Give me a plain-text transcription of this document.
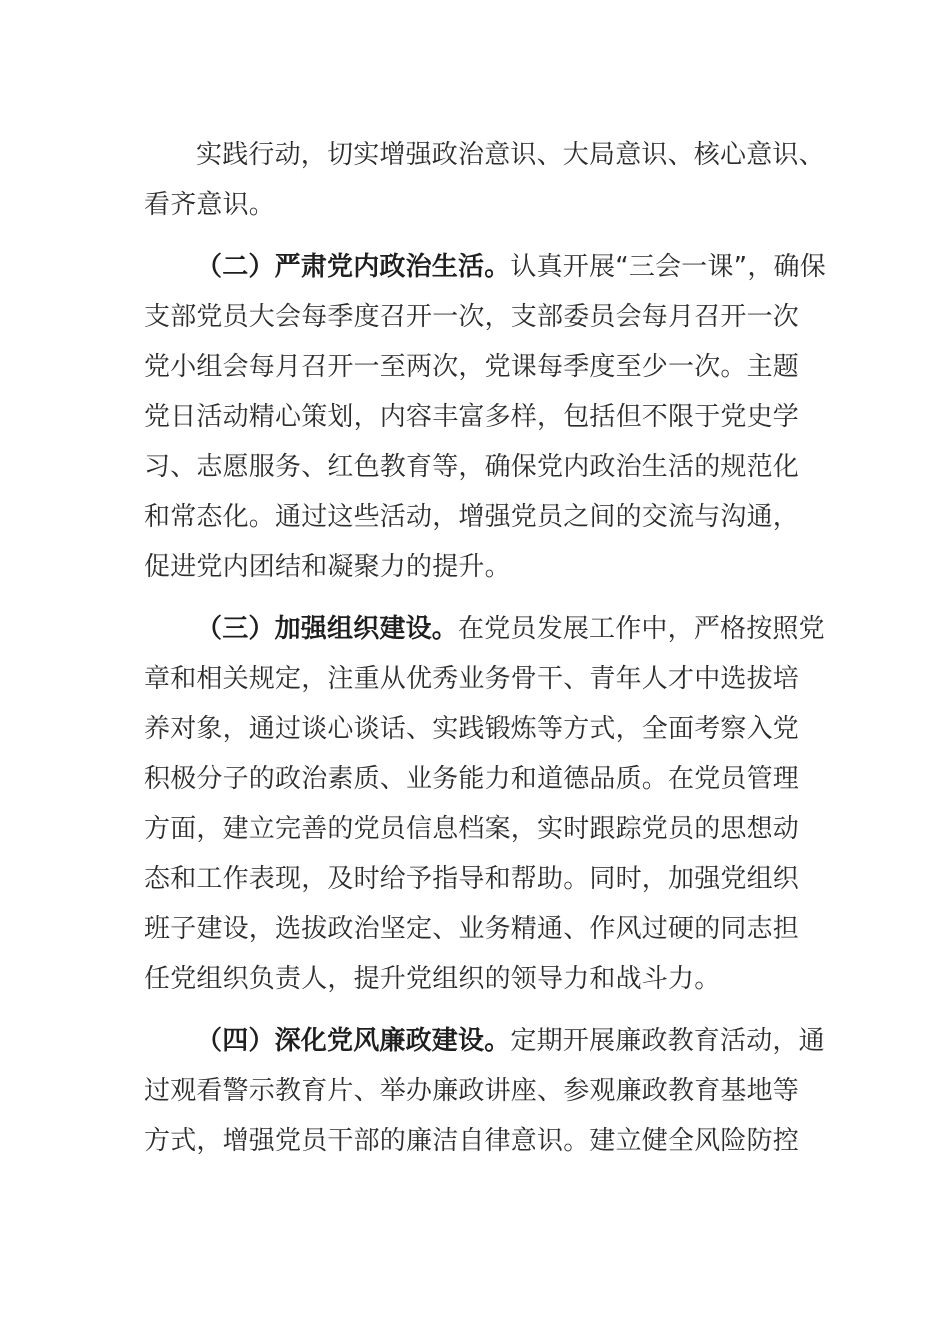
实践行动，切实增强政治意识、大局意识、核心意识、
看齐意识。

（二）严肃党内政治生活。认真开展“三会一课”，确保
支部党员大会每季度召开一次，支部委员会每月召开一次
党小组会每月召开一至两次，党课每季度至少一次。主题
党日活动精心策划，内容丰富多样，包括但不限于党史学
习、志愿服务、红色教育等，确保党内政治生活的规范化
和常态化。通过这些活动，增强党员之间的交流与沟通，
促进党内团结和凝聚力的提升。

（三）加强组织建设。在党员发展工作中，严格按照党
章和相关规定，注重从优秀业务骨干、青年人才中选拔培
养对象，通过谈心谈话、实践锻炼等方式，全面考察入党
积极分子的政治素质、业务能力和道德品质。在党员管理
方面，建立完善的党员信息档案，实时跟踪党员的思想动
态和工作表现，及时给予指导和帮助。同时，加强党组织
班子建设，选拔政治坚定、业务精通、作风过硬的同志担
任党组织负责人，提升党组织的领导力和战斗力。

（四）深化党风廉政建设。定期开展廉政教育活动，通
过观看警示教育片、举办廉政讲座、参观廉政教育基地等
方式，增强党员干部的廉洁自律意识。建立健全风险防控
